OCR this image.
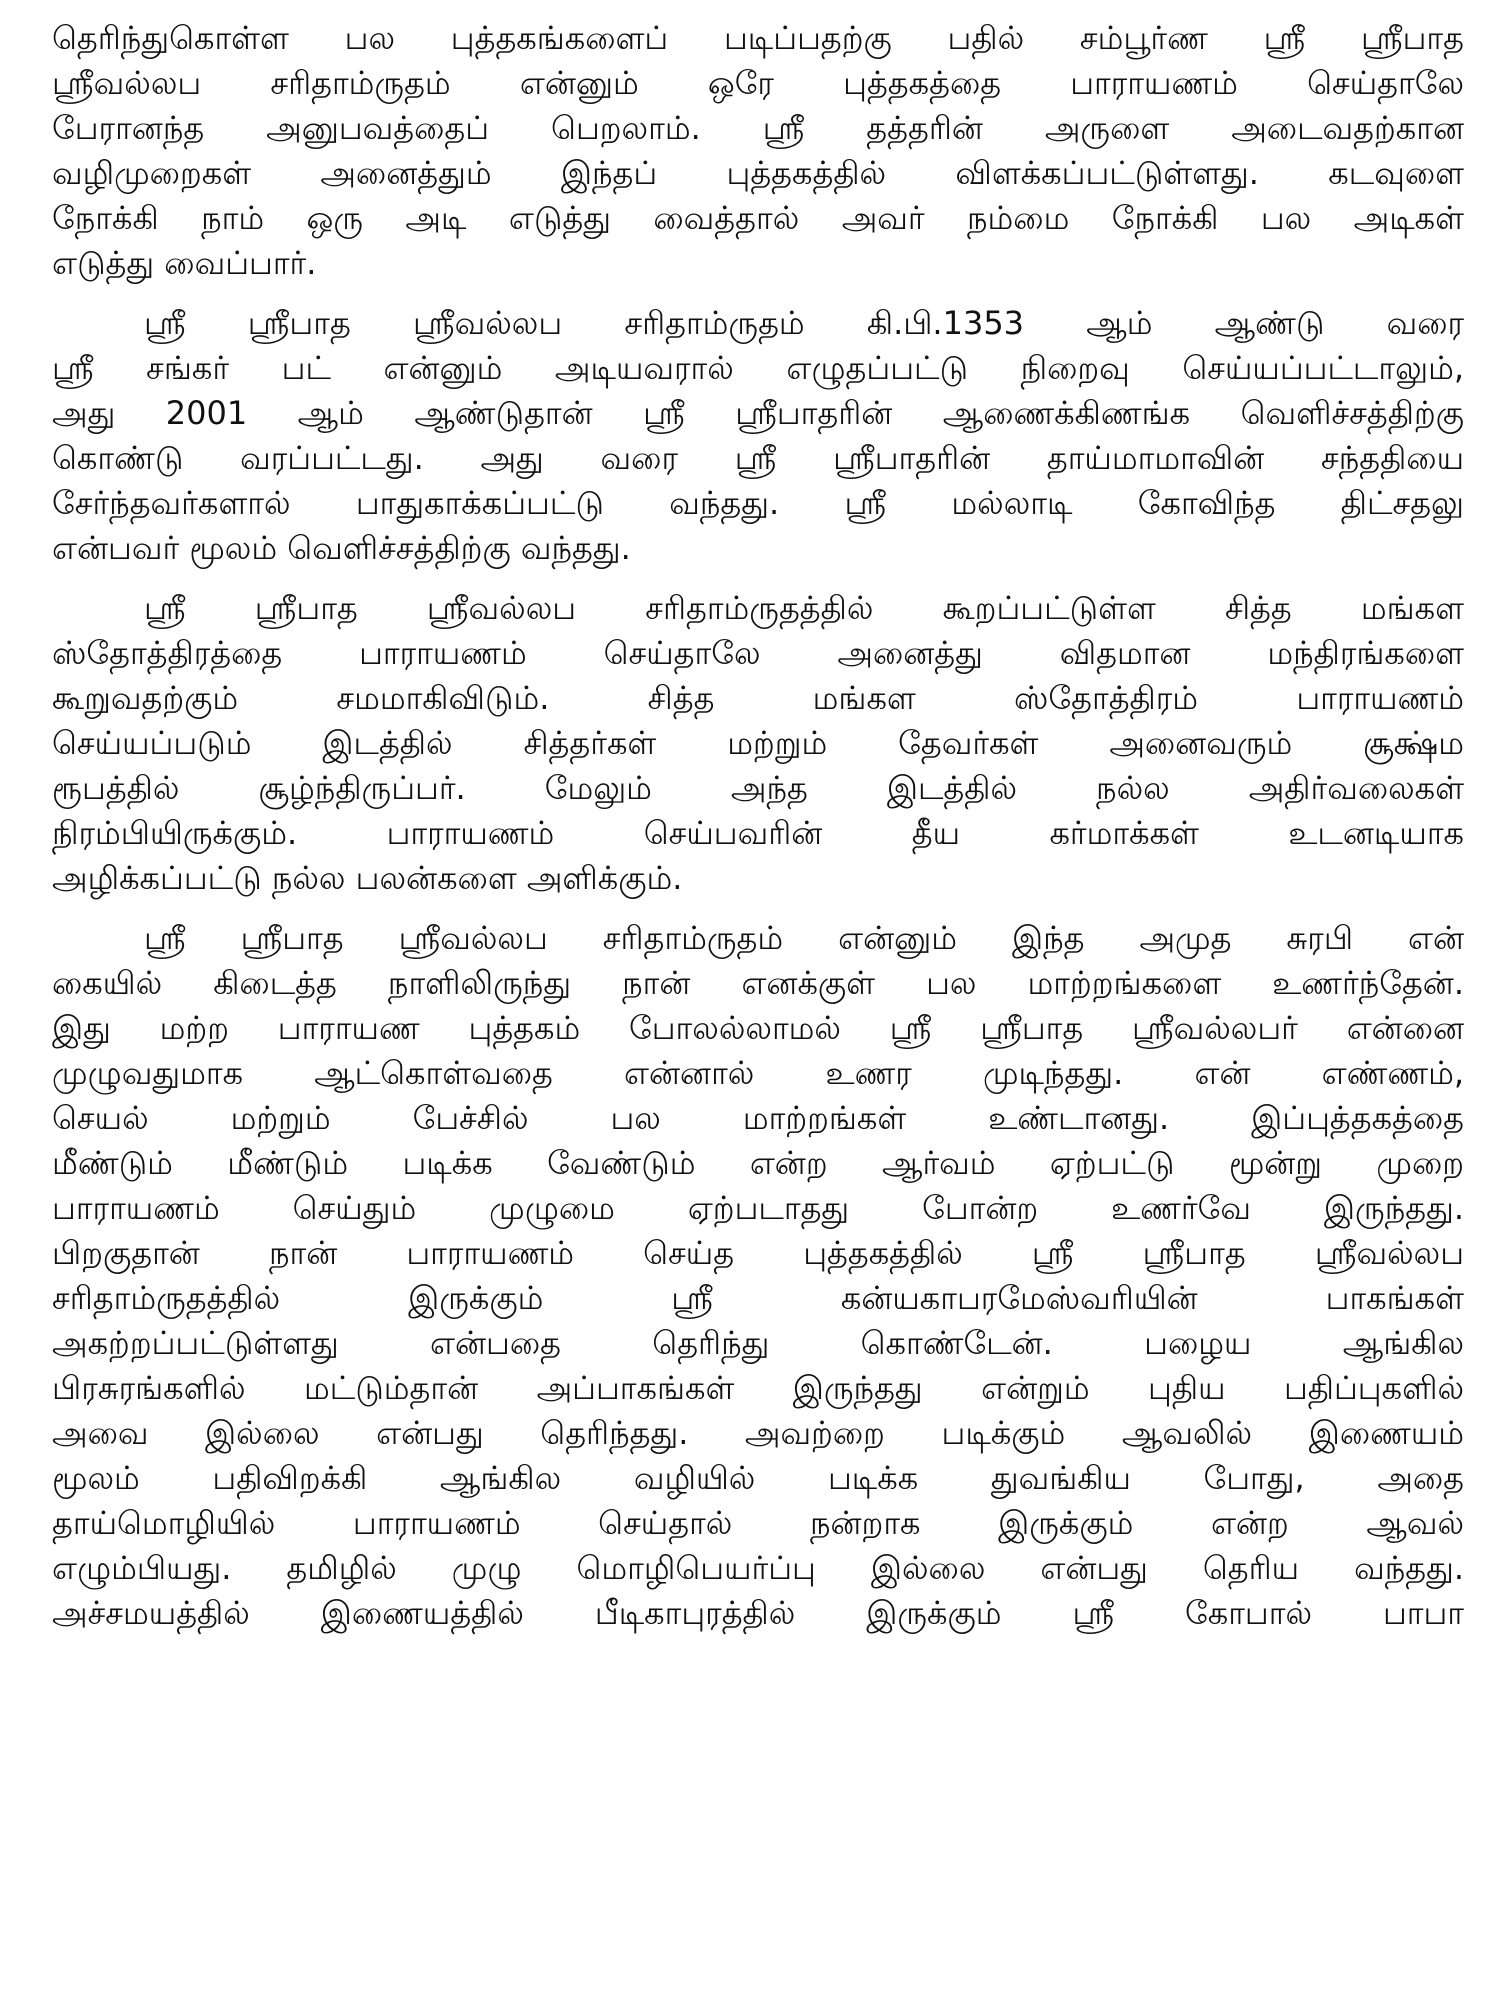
தெரிந்துகொள்ள பல புத்தகங்களைப் படிப்பதற்கு பதில் சம்பூர்ண ஸ்ரீ ஸ்ரீபாத
ஸ்ரீவல்லப சரிதாம்ருதம் என்னும் ஒரே புத்தகத்தை பாராயணம் செய்தாலே
பேரானந்த அனுபவத்தைப் பெறலாம். ஸ்ரீ தத்தரின் அருளை அடைவதற்கான
வழிமுறைகள் அனைத்தும் இந்தப் புத்தகத்தில் விளக்கப்பட்டுள்ளது. கடவுளை
நோக்கி நாம் ஒரு அடி எடுத்து வைத்தால் அவர் நம்மை நோக்கி பல அடிகள்
எடுத்து வைப்பார்.
ஸ்ரீ ஸ்ரீபாத ஸ்ரீவல்லப சரிதாம்ருதம் கி.பி.1353 ஆம் ஆண்டு வரை
ஸ்ரீ சங்கர் பட் என்னும் அடியவரால் எழுதப்பட்டு நிறைவு செய்யப்பட்டாலும்,
அது 2001 ஆம் ஆண்டுதான் ஸ்ரீ ஸ்ரீபாதரின் ஆணைக்கிணங்க வெளிச்சத்திற்கு
கொண்டு வரப்பட்டது. அது வரை ஸ்ரீ ஸ்ரீபாதரின் தாய்மாமாவின் சந்ததியை
சேர்ந்தவர்களால் பாதுகாக்கப்பட்டு வந்தது. ஸ்ரீ மல்லாடி கோவிந்த திட்சதலு
என்பவர் மூலம் வெளிச்சத்திற்கு வந்தது.
ஸ்ரீ ஸ்ரீபாத ஸ்ரீவல்லப சரிதாம்ருதத்தில் கூறப்பட்டுள்ள சித்த மங்கள
ஸ்தோத்திரத்தை பாராயணம் செய்தாலே அனைத்து விதமான மந்திரங்களை
கூறுவதற்கும் சமமாகிவிடும். சித்த மங்கள ஸ்தோத்திரம் பாராயணம்
செய்யப்படும் இடத்தில் சித்தர்கள் மற்றும் தேவர்கள் அனைவரும் சூக்ஷ்ம
ரூபத்தில் சூழ்ந்திருப்பர். மேலும் அந்த இடத்தில் நல்ல அதிர்வலைகள்
நிரம்பியிருக்கும். பாராயணம் செய்பவரின் தீய கர்மாக்கள் உடனடியாக
அழிக்கப்பட்டு நல்ல பலன்களை அளிக்கும்.
ஸ்ரீ ஸ்ரீபாத ஸ்ரீவல்லப சரிதாம்ருதம் என்னும் இந்த அமுத சுரபி என்
கையில் கிடைத்த நாளிலிருந்து நான் எனக்குள் பல மாற்றங்களை உணர்ந்தேன்.
இது மற்ற பாராயண புத்தகம் போலல்லாமல் ஸ்ரீ ஸ்ரீபாத ஸ்ரீவல்லபர் என்னை
முழுவதுமாக ஆட்கொள்வதை என்னால் உணர முடிந்தது. என் எண்ணம்,
செயல் மற்றும் பேச்சில் பல மாற்றங்கள் உண்டானது. இப்புத்தகத்தை
மீண்டும் மீண்டும் படிக்க வேண்டும் என்ற ஆர்வம் ஏற்பட்டு மூன்று முறை
பாராயணம் செய்தும் முழுமை ஏற்படாதது போன்ற உணர்வே இருந்தது.
பிறகுதான் நான் பாராயணம் செய்த புத்தகத்தில் ஸ்ரீ ஸ்ரீபாத ஸ்ரீவல்லப
சரிதாம்ருதத்தில் இருக்கும் ஸ்ரீ கன்யகாபரமேஸ்வரியின் பாகங்கள்
அகற்றப்பட்டுள்ளது என்பதை தெரிந்து கொண்டேன். பழைய ஆங்கில
பிரசுரங்களில் மட்டும்தான் அப்பாகங்கள் இருந்தது என்றும் புதிய பதிப்புகளில்
அவை இல்லை என்பது தெரிந்தது. அவற்றை படிக்கும் ஆவலில் இணையம்
மூலம் பதிவிறக்கி ஆங்கில வழியில் படிக்க துவங்கிய போது, அதை
தாய்மொழியில் பாராயணம் செய்தால் நன்றாக இருக்கும் என்ற ஆவல்
எழும்பியது. தமிழில் முழு மொழிபெயர்ப்பு இல்லை என்பது தெரிய வந்தது.
அச்சமயத்தில் இணையத்தில் பீடிகாபுரத்தில் இருக்கும் ஸ்ரீ கோபால் பாபா
